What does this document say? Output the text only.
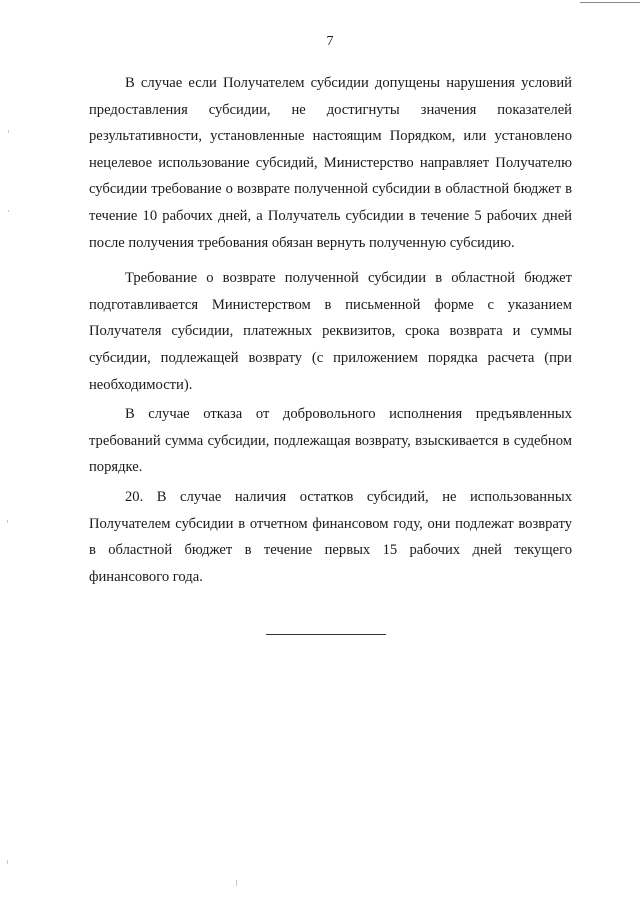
7

В случае если Получателем субсидии допущены нарушения условий предоставления субсидии, не достигнуты значения показателей результативности, установленные настоящим Порядком, или установлено нецелевое использование субсидий, Министерство направляет Получателю субсидии требование о возврате полученной субсидии в областной бюджет в течение 10 рабочих дней, а Получатель субсидии в течение 5 рабочих дней после получения требования обязан вернуть полученную субсидию.

Требование о возврате полученной субсидии в областной бюджет подготавливается Министерством в письменной форме с указанием Получателя субсидии, платежных реквизитов, срока возврата и суммы субсидии, подлежащей возврату (с приложением порядка расчета (при необходимости).

В случае отказа от добровольного исполнения предъявленных требований сумма субсидии, подлежащая возврату, взыскивается в судебном порядке.

20. В случае наличия остатков субсидий, не использованных Получателем субсидии в отчетном финансовом году, они подлежат возврату в областной бюджет в течение первых 15 рабочих дней текущего финансового года.
